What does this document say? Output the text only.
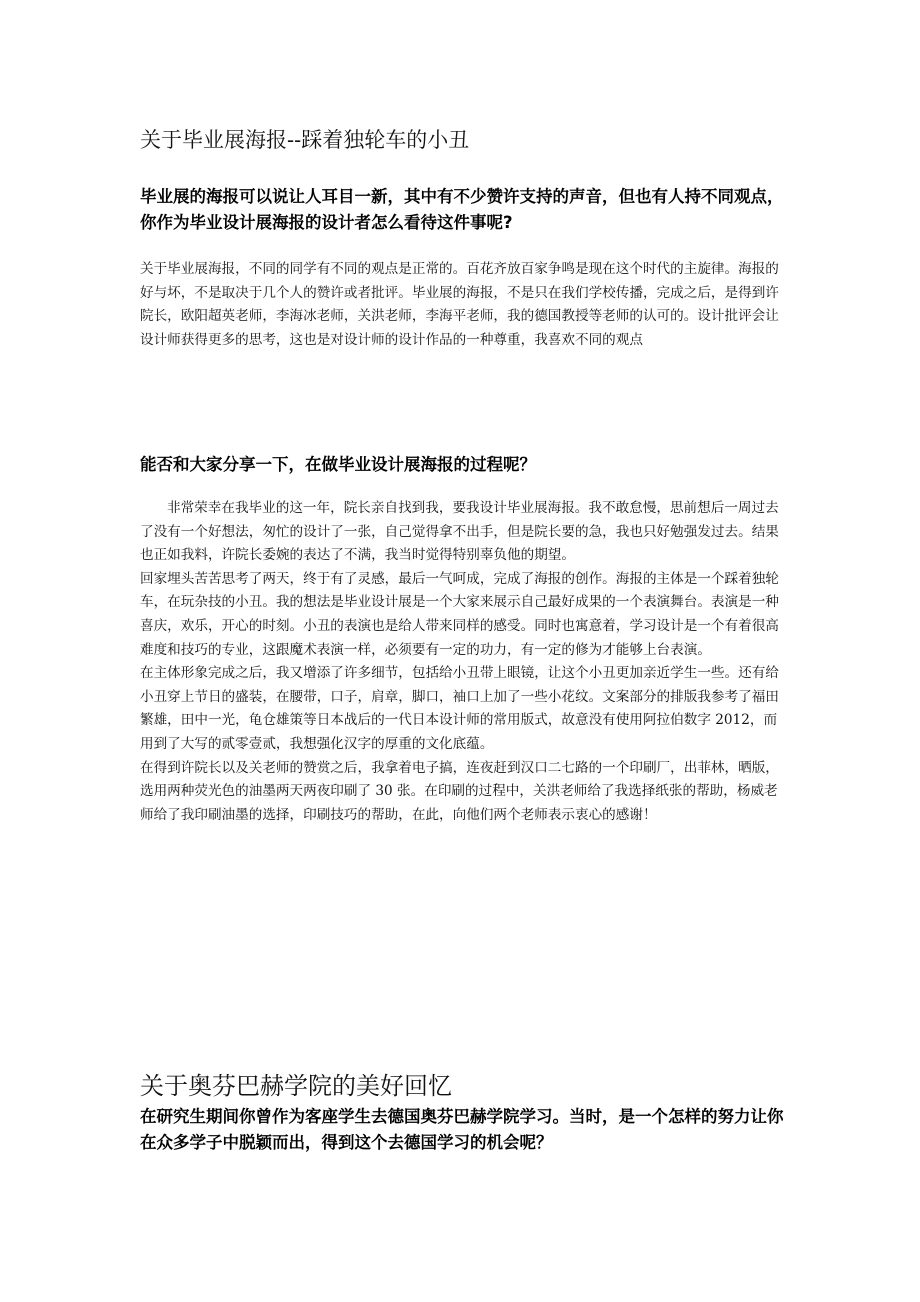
关于毕业展海报--踩着独轮车的小丑

毕业展的海报可以说让人耳目一新，其中有不少赞许支持的声音，但也有人持不同观点，你作为毕业设计展海报的设计者怎么看待这件事呢?

关于毕业展海报，不同的同学有不同的观点是正常的。百花齐放百家争鸣是现在这个时代的主旋律。海报的好与坏，不是取决于几个人的赞许或者批评。毕业展的海报，不是只在我们学校传播，完成之后，是得到许院长，欧阳超英老师，李海冰老师，关洪老师，李海平老师，我的德国教授等老师的认可的。设计批评会让设计师获得更多的思考，这也是对设计师的设计作品的一种尊重，我喜欢不同的观点

能否和大家分享一下，在做毕业设计展海报的过程呢？

非常荣幸在我毕业的这一年，院长亲自找到我，要我设计毕业展海报。我不敢怠慢，思前想后一周过去了没有一个好想法，匆忙的设计了一张，自己觉得拿不出手，但是院长要的急，我也只好勉强发过去。结果也正如我料，许院长委婉的表达了不满，我当时觉得特别辜负他的期望。

回家埋头苦苦思考了两天，终于有了灵感，最后一气呵成，完成了海报的创作。海报的主体是一个踩着独轮车，在玩杂技的小丑。我的想法是毕业设计展是一个大家来展示自己最好成果的一个表演舞台。表演是一种喜庆，欢乐，开心的时刻。小丑的表演也是给人带来同样的感受。同时也寓意着，学习设计是一个有着很高难度和技巧的专业，这跟魔术表演一样，必须要有一定的功力，有一定的修为才能够上台表演。

在主体形象完成之后，我又增添了许多细节，包括给小丑带上眼镜，让这个小丑更加亲近学生一些。还有给小丑穿上节日的盛装，在腰带，口子，肩章，脚口，袖口上加了一些小花纹。文案部分的排版我参考了福田繁雄，田中一光，龟仓雄策等日本战后的一代日本设计师的常用版式，故意没有使用阿拉伯数字 2012，而用到了大写的贰零壹贰，我想强化汉字的厚重的文化底蕴。

在得到许院长以及关老师的赞赏之后，我拿着电子搞，连夜赶到汉口二七路的一个印刷厂，出菲林，晒版，选用两种荧光色的油墨两天两夜印刷了 30 张。在印刷的过程中，关洪老师给了我选择纸张的帮助，杨威老师给了我印刷油墨的选择，印刷技巧的帮助，在此，向他们两个老师表示衷心的感谢！

关于奥芬巴赫学院的美好回忆

在研究生期间你曾作为客座学生去德国奥芬巴赫学院学习。当时，是一个怎样的努力让你在众多学子中脱颖而出，得到这个去德国学习的机会呢？
